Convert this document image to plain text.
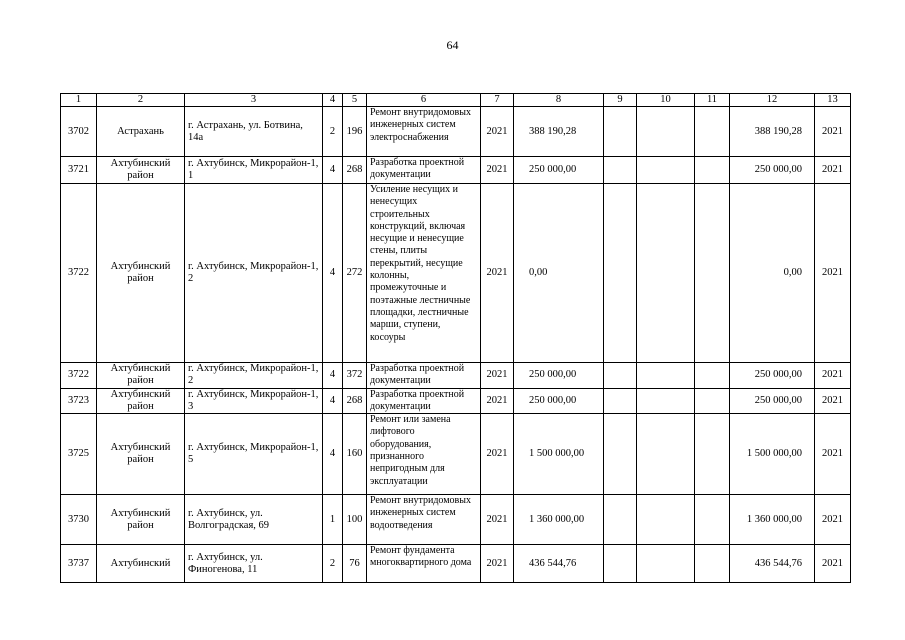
64
1	2	3	4	5	6	7	8	9	10	11	12	13
3702	Астрахань	г. Астрахань, ул. Ботвина, 14а	2	196	Ремонт внутридомовых инженерных систем электроснабжения	2021	388 190,28				388 190,28	2021
3721	Ахтубинский район	г. Ахтубинск, Микрорайон-1, 1	4	268	Разработка проектной документации	2021	250 000,00				250 000,00	2021
3722	Ахтубинский район	г. Ахтубинск, Микрорайон-1, 2	4	272	Усиление несущих и ненесущих строительных конструкций, включая несущие и ненесущие стены, плиты перекрытий, несущие колонны, промежуточные и поэтажные лестничные площадки, лестничные марши, ступени, косоуры	2021	0,00				0,00	2021
3722	Ахтубинский район	г. Ахтубинск, Микрорайон-1, 2	4	372	Разработка проектной документации	2021	250 000,00				250 000,00	2021
3723	Ахтубинский район	г. Ахтубинск, Микрорайон-1, 3	4	268	Разработка проектной документации	2021	250 000,00				250 000,00	2021
3725	Ахтубинский район	г. Ахтубинск, Микрорайон-1, 5	4	160	Ремонт или замена лифтового оборудования, признанного непригодным для эксплуатации	2021	1 500 000,00				1 500 000,00	2021
3730	Ахтубинский район	г. Ахтубинск, ул. Волгоградская, 69	1	100	Ремонт внутридомовых инженерных систем водоотведения	2021	1 360 000,00				1 360 000,00	2021
3737	Ахтубинский	г. Ахтубинск, ул. Финогенова, 11	2	76	Ремонт фундамента многоквартирного дома	2021	436 544,76				436 544,76	2021
